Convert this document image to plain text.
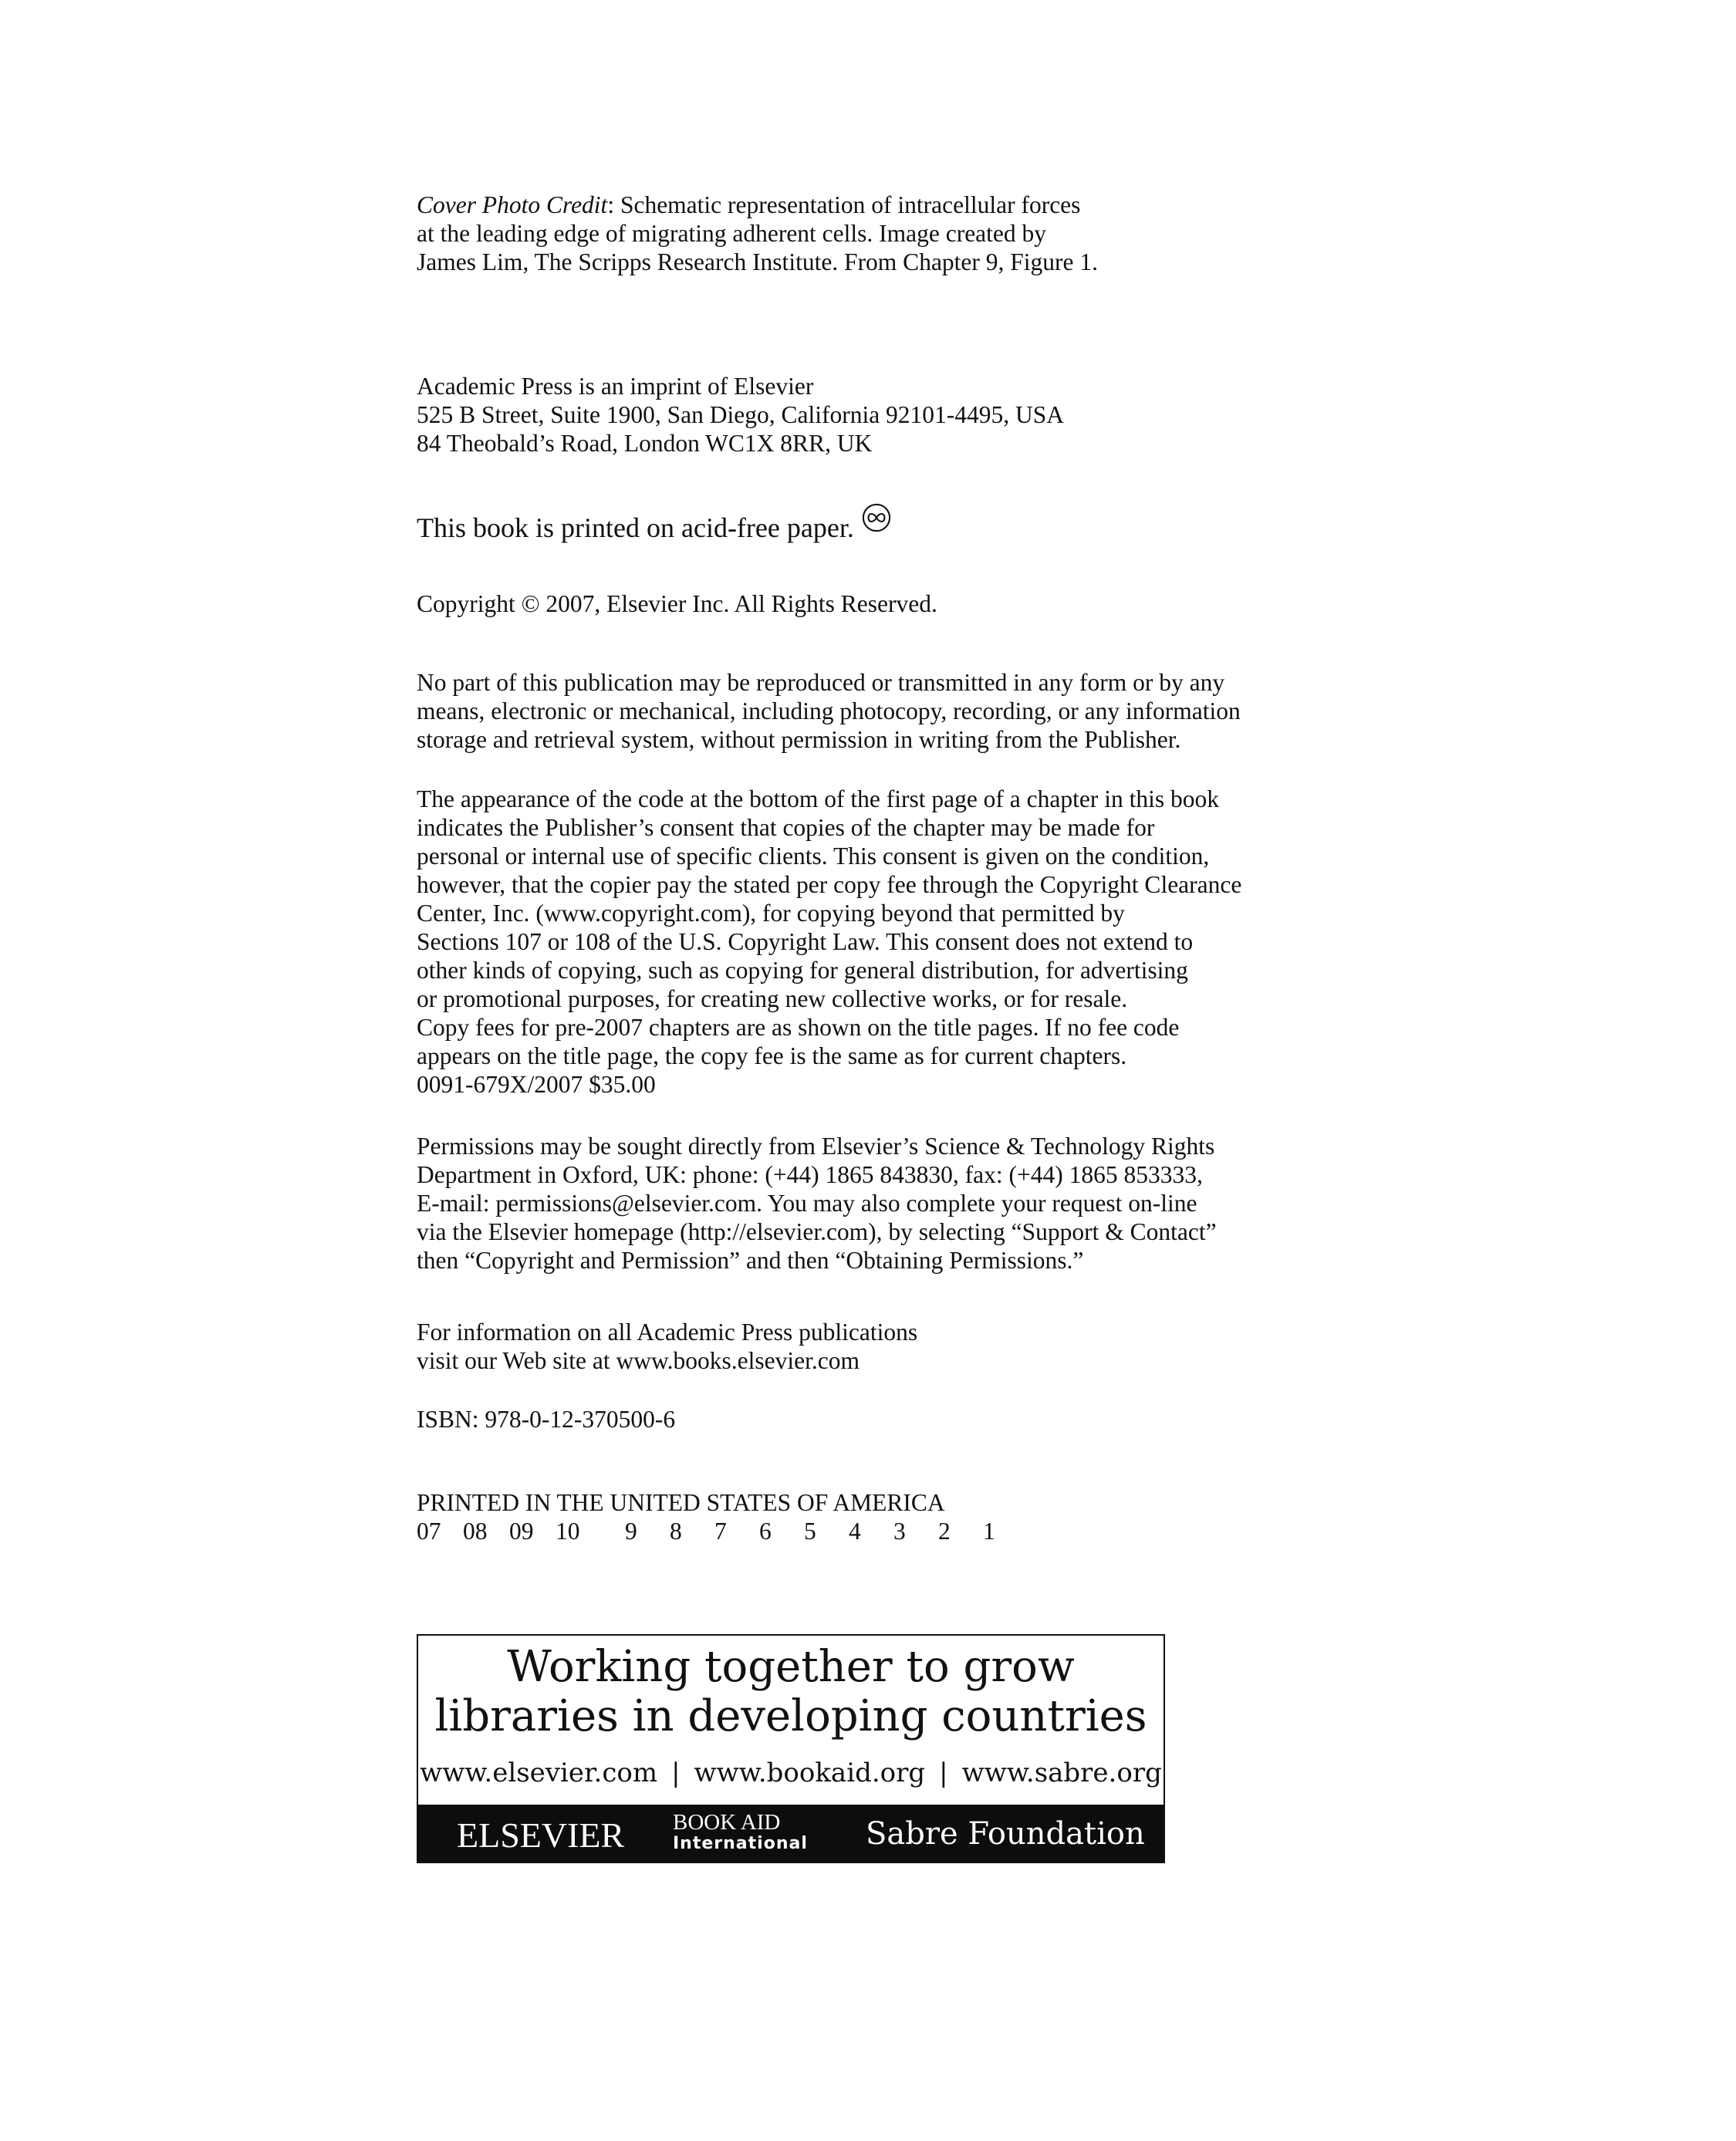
Cover Photo Credit: Schematic representation of intracellular forces
at the leading edge of migrating adherent cells. Image created by
James Lim, The Scripps Research Institute. From Chapter 9, Figure 1.
Academic Press is an imprint of Elsevier
525 B Street, Suite 1900, San Diego, California 92101-4495, USA
84 Theobald’s Road, London WC1X 8RR, UK
This book is printed on acid-free paper.
Copyright © 2007, Elsevier Inc. All Rights Reserved.
No part of this publication may be reproduced or transmitted in any form or by any
means, electronic or mechanical, including photocopy, recording, or any information
storage and retrieval system, without permission in writing from the Publisher.
The appearance of the code at the bottom of the first page of a chapter in this book
indicates the Publisher’s consent that copies of the chapter may be made for
personal or internal use of specific clients. This consent is given on the condition,
however, that the copier pay the stated per copy fee through the Copyright Clearance
Center, Inc. (www.copyright.com), for copying beyond that permitted by
Sections 107 or 108 of the U.S. Copyright Law. This consent does not extend to
other kinds of copying, such as copying for general distribution, for advertising
or promotional purposes, for creating new collective works, or for resale.
Copy fees for pre-2007 chapters are as shown on the title pages. If no fee code
appears on the title page, the copy fee is the same as for current chapters.
0091-679X/2007 $35.00
Permissions may be sought directly from Elsevier’s Science & Technology Rights
Department in Oxford, UK: phone: (+44) 1865 843830, fax: (+44) 1865 853333,
E-mail: permissions@elsevier.com. You may also complete your request on-line
via the Elsevier homepage (http://elsevier.com), by selecting “Support & Contact”
then “Copyright and Permission” and then “Obtaining Permissions.”
For information on all Academic Press publications
visit our Web site at www.books.elsevier.com
ISBN: 978-0-12-370500-6
PRINTED IN THE UNITED STATES OF AMERICA
07 08 09 10	9	8	7	6	5	4	3	2	1
Working together to grow
libraries in developing countries
www.elsevier.com | www.bookaid.org | www.sabre.org
ELSEVIER BOOK AID
International	Sabre Foundation
